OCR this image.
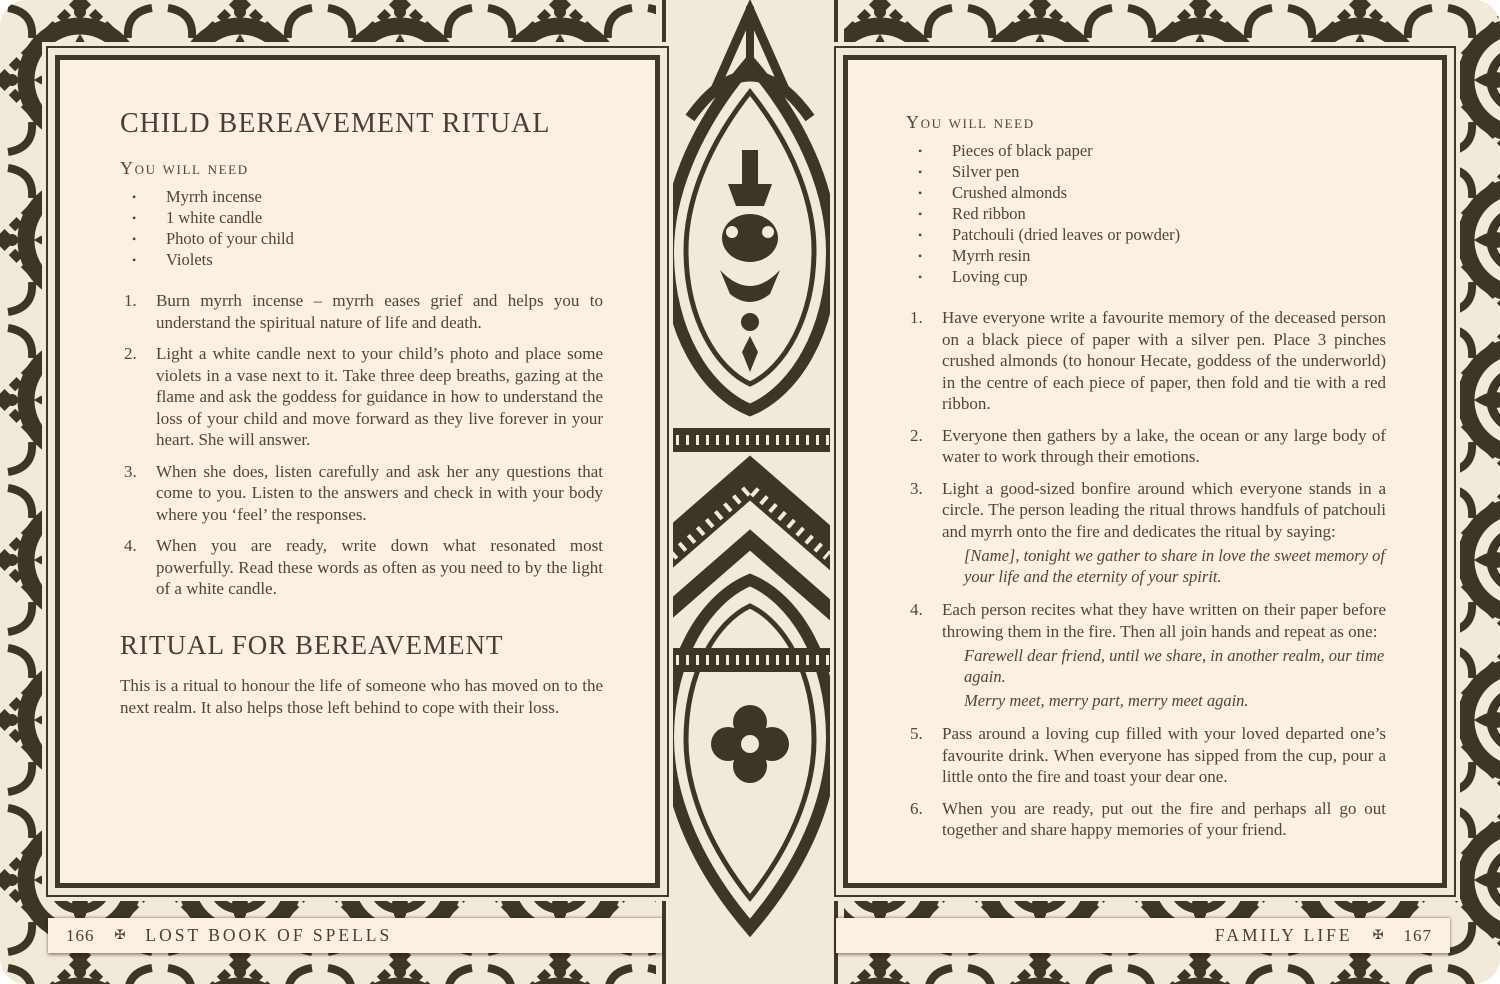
CHILD BEREAVEMENT RITUAL
You will need
•	Myrrh incense
•	1 white candle
•	Photo of your child
•	Violets
1.	Burn myrrh incense – myrrh eases grief and helps you to understand the spiritual nature of life and death.
2.	Light a white candle next to your child’s photo and place some violets in a vase next to it. Take three deep breaths, gazing at the flame and ask the goddess for guidance in how to understand the loss of your child and move forward as they live forever in your heart. She will answer.
3.	When she does, listen carefully and ask her any questions that come to you. Listen to the answers and check in with your body where you ‘feel’ the responses.
4.	When you are ready, write down what resonated most powerfully. Read these words as often as you need to by the light of a white candle.
RITUAL FOR BEREAVEMENT

This is a ritual to honour the life of someone who has moved on to the next realm. It also helps those left behind to cope with their loss.

You will need
•	Pieces of black paper
•	Silver pen
•	Crushed almonds
•	Red ribbon
•	Patchouli (dried leaves or powder)
•	Myrrh resin
•	Loving cup
1.	Have everyone write a favourite memory of the deceased person on a black piece of paper with a silver pen. Place 3 pinches crushed almonds (to honour Hecate, goddess of the underworld) in the centre of each piece of paper, then fold and tie with a red ribbon.
2.	Everyone then gathers by a lake, the ocean or any large body of water to work through their emotions.
3.	Light a good-sized bonfire around which everyone stands in a circle. The person leading the ritual throws handfuls of patchouli and myrrh onto the fire and dedicates the ritual by saying:
[Name], tonight we gather to share in love the sweet memory of your life and the eternity of your spirit.
4.	Each person recites what they have written on their paper before throwing them in the fire. Then all join hands and repeat as one:
Farewell dear friend, until we share, in another realm, our time again.
Merry meet, merry part, merry meet again.
5.	Pass around a loving cup filled with your loved departed one’s favourite drink. When everyone has sipped from the cup, pour a little onto the fire and toast your dear one.
6.	When you are ready, put out the fire and perhaps all go out together and share happy memories of your friend.
166 ✠ LOST BOOK OF SPELLS	FAMILY LIFE ✠ 167
